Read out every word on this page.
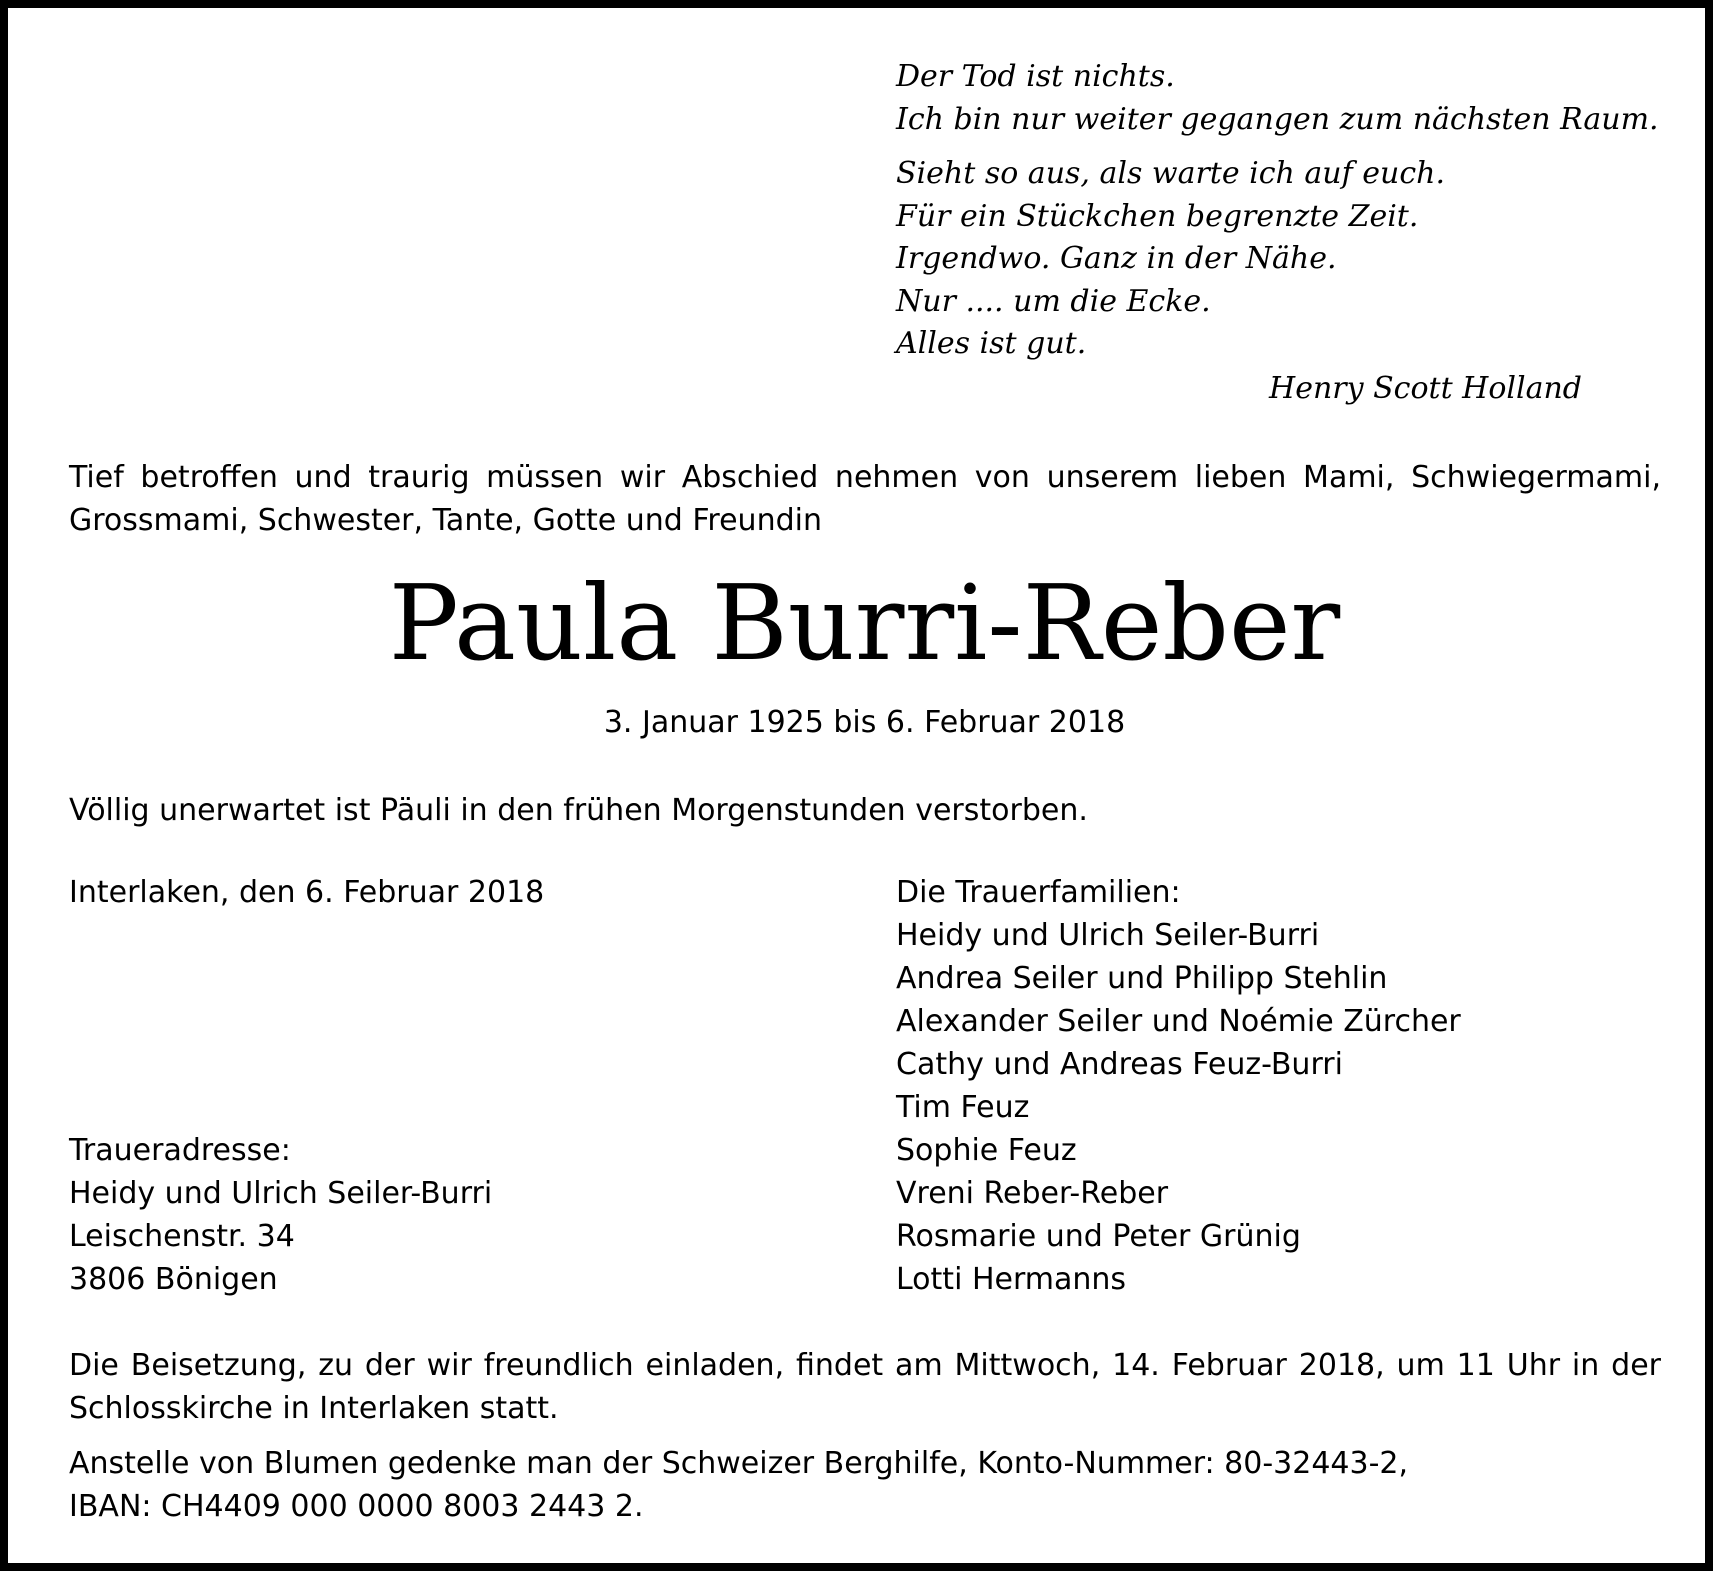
Der Tod ist nichts.
Ich bin nur weiter gegangen zum nächsten Raum.
Sieht so aus, als warte ich auf euch.
Für ein Stückchen begrenzte Zeit.
Irgendwo. Ganz in der Nähe.
Nur .... um die Ecke.
Alles ist gut.
Henry Scott Holland
Tief betroffen und traurig müssen wir Abschied nehmen von unserem lieben Mami, Schwiegermami, Grossmami, Schwester, Tante, Gotte und Freundin
Paula Burri-Reber
3. Januar 1925 bis 6. Februar 2018
Völlig unerwartet ist Päuli in den frühen Morgenstunden verstorben.
Interlaken, den 6. Februar 2018	Die Trauerfamilien:
Heidy und Ulrich Seiler-Burri
Andrea Seiler und Philipp Stehlin
Alexander Seiler und Noémie Zürcher
Cathy und Andreas Feuz-Burri
Tim Feuz
Sophie Feuz
Vreni Reber-Reber
Rosmarie und Peter Grünig
Lotti Hermanns
Traueradresse:
Heidy und Ulrich Seiler-Burri
Leischenstr. 34
3806 Bönigen
Die Beisetzung, zu der wir freundlich einladen, findet am Mittwoch, 14. Februar 2018, um 11 Uhr in der Schlosskirche in Interlaken statt.
Anstelle von Blumen gedenke man der Schweizer Berghilfe, Konto-Nummer: 80-32443-2,
IBAN: CH4409 000 0000 8003 2443 2.
